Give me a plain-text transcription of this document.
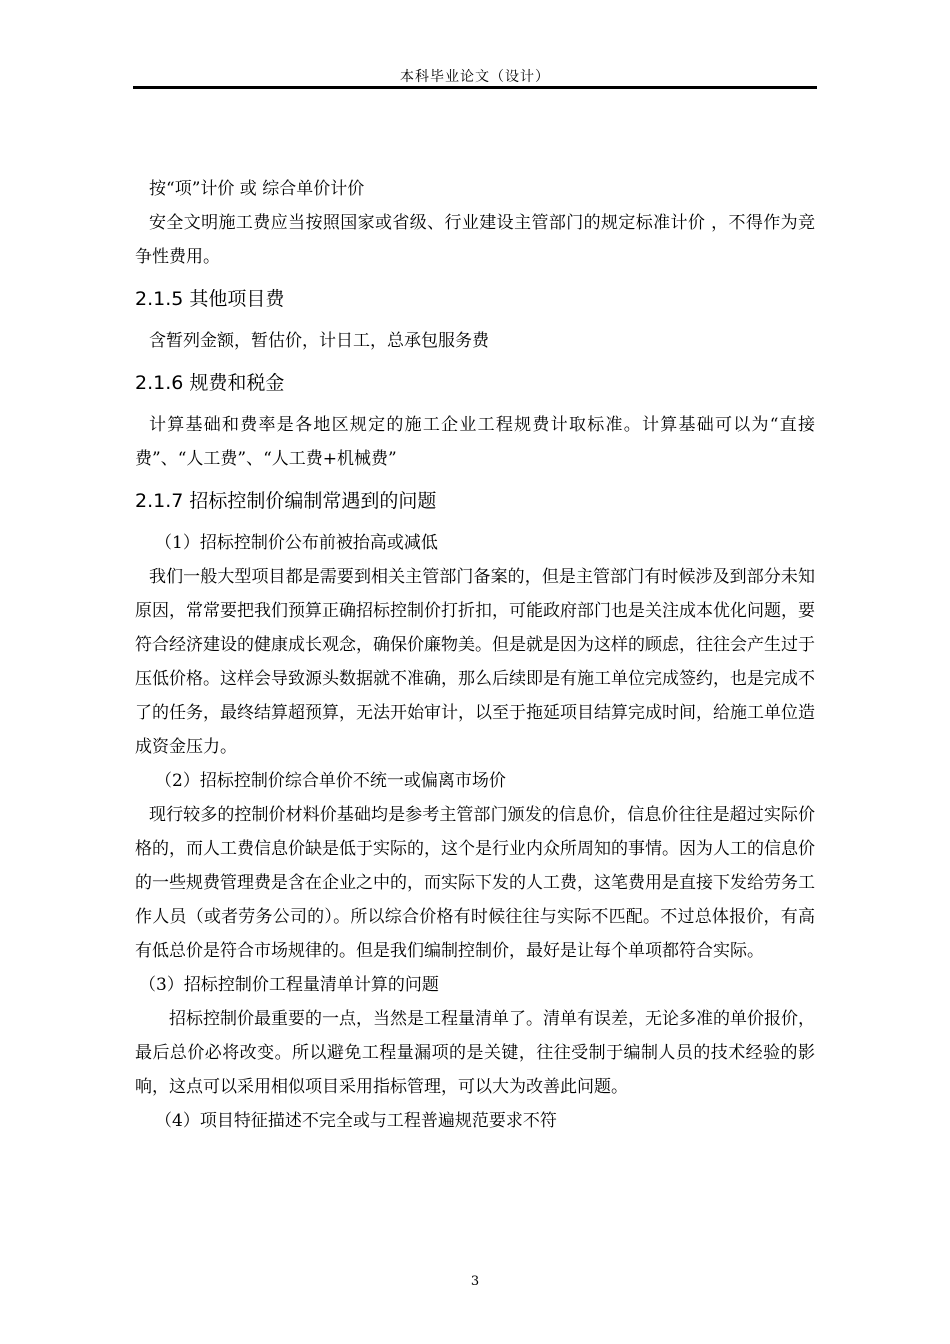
本科毕业论文（设计）

按“项”计价 或 综合单价计价

安全文明施工费应当按照国家或省级、行业建设主管部门的规定标准计价 ，不得作为竞争性费用。

2.1.5 其他项目费

含暂列金额，暂估价，计日工，总承包服务费

2.1.6 规费和税金

计算基础和费率是各地区规定的施工企业工程规费计取标准。计算基础可以为“直接费”、“人工费”、“人工费+机械费”

2.1.7 招标控制价编制常遇到的问题

（1）招标控制价公布前被抬高或减低

我们一般大型项目都是需要到相关主管部门备案的，但是主管部门有时候涉及到部分未知原因，常常要把我们预算正确招标控制价打折扣，可能政府部门也是关注成本优化问题，要符合经济建设的健康成长观念，确保价廉物美。但是就是因为这样的顾虑，往往会产生过于压低价格。这样会导致源头数据就不准确，那么后续即是有施工单位完成签约，也是完成不了的任务，最终结算超预算，无法开始审计，以至于拖延项目结算完成时间，给施工单位造成资金压力。

（2）招标控制价综合单价不统一或偏离市场价

现行较多的控制价材料价基础均是参考主管部门颁发的信息价，信息价往往是超过实际价格的，而人工费信息价缺是低于实际的，这个是行业内众所周知的事情。因为人工的信息价的一些规费管理费是含在企业之中的，而实际下发的人工费，这笔费用是直接下发给劳务工作人员（或者劳务公司的）。所以综合价格有时候往往与实际不匹配。不过总体报价，有高有低总价是符合市场规律的。但是我们编制控制价，最好是让每个单项都符合实际。

（3）招标控制价工程量清单计算的问题

招标控制价最重要的一点，当然是工程量清单了。清单有误差，无论多准的单价报价，最后总价必将改变。所以避免工程量漏项的是关键，往往受制于编制人员的技术经验的影响，这点可以采用相似项目采用指标管理，可以大为改善此问题。

（4）项目特征描述不完全或与工程普遍规范要求不符

3
